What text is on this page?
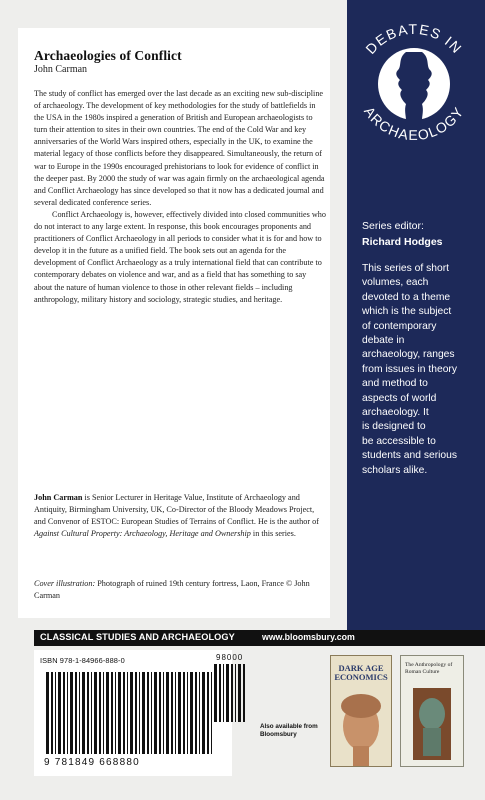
Archaeologies of Conflict
John Carman

The study of conflict has emerged over the last decade as an exciting new sub-discipline of archaeology. The development of key methodologies for the study of battlefields in the USA in the 1980s inspired a generation of British and European archaeologists to turn their attention to sites in their own countries. The end of the Cold War and key anniversaries of the World Wars inspired others, especially in the UK, to examine the material legacy of those conflicts before they disappeared. Simultaneously, the return of war to Europe in the 1990s encouraged prehistorians to look for evidence of conflict in the deeper past. By 2000 the study of war was again firmly on the archaeological agenda and Conflict Archaeology has since developed so that it now has a dedicated journal and several dedicated conference series.

Conflict Archaeology is, however, effectively divided into closed communities who do not interact to any large extent. In response, this book encourages proponents and practitioners of Conflict Archaeology in all periods to consider what it is for and how to develop it in the future as a unified field. The book sets out an agenda for the development of Conflict Archaeology as a truly international field that can contribute to contemporary debates on violence and war, and as a field that has something to say about the nature of human violence to those in other relevant fields – including anthropology, military history and sociology, strategic studies, and heritage.

John Carman is Senior Lecturer in Heritage Value, Institute of Archaeology and Antiquity, Birmingham University, UK, Co-Director of the Bloody Meadows Project, and Convenor of ESTOC: European Studies of Terrains of Conflict. He is the author of Against Cultural Property: Archaeology, Heritage and Ownership in this series.
Cover illustration: Photograph of ruined 19th century fortress, Laon, France © John Carman
DEBATES IN
ARCHAEOLOGY
Series editor:
Richard Hodges
This series of short
volumes, each
devoted to a theme
which is the subject
of contemporary
debate in
archaeology, ranges
from issues in theory
and method to
aspects of world
archaeology. It
is designed to
be accessible to
students and serious
scholars alike.
CLASSICAL STUDIES AND ARCHAEOLOGY	www.bloomsbury.com
ISBN 978-1-84966-888-0	98000
9 781849 668880
Also available from Bloomsbury
DARK AGE ECONOMICS
The Anthropology of Roman Culture
